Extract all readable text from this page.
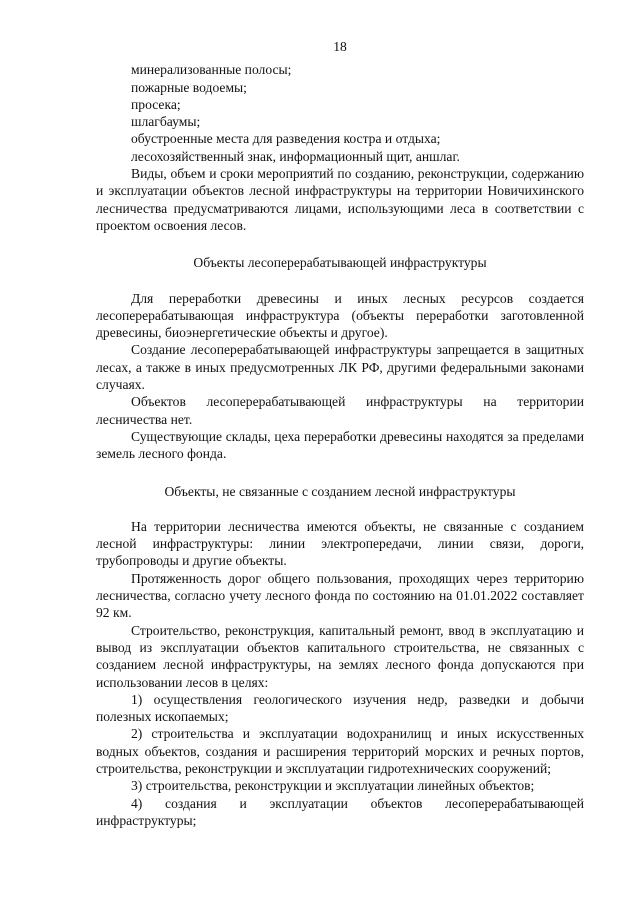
18

минерализованные полосы;

пожарные водоемы;

просека;

шлагбаумы;

обустроенные места для разведения костра и отдыха;

лесохозяйственный знак, информационный щит, аншлаг.

Виды, объем и сроки мероприятий по созданию, реконструкции, содержанию и эксплуатации объектов лесной инфраструктуры на территории Новичихинского лесничества предусматриваются лицами, использующими леса в соответствии с проектом освоения лесов.

Объекты лесоперерабатывающей инфраструктуры

Для переработки древесины и иных лесных ресурсов создается лесоперерабатывающая инфраструктура (объекты переработки заготовленной древесины, биоэнергетические объекты и другое).

Создание лесоперерабатывающей инфраструктуры запрещается в защитных лесах, а также в иных предусмотренных ЛК РФ, другими федеральными законами случаях.

Объектов лесоперерабатывающей инфраструктуры на территории лесничества нет.

Существующие склады, цеха переработки древесины находятся за пределами земель лесного фонда.

Объекты, не связанные с созданием лесной инфраструктуры

На территории лесничества имеются объекты, не связанные с созданием лесной инфраструктуры: линии электропередачи, линии связи, дороги, трубопроводы и другие объекты.

Протяженность дорог общего пользования, проходящих через территорию лесничества, согласно учету лесного фонда по состоянию на 01.01.2022 составляет 92 км.

Строительство, реконструкция, капитальный ремонт, ввод в эксплуатацию и вывод из эксплуатации объектов капитального строительства, не связанных с созданием лесной инфраструктуры, на землях лесного фонда допускаются при использовании лесов в целях:

1) осуществления геологического изучения недр, разведки и добычи полезных ископаемых;

2) строительства и эксплуатации водохранилищ и иных искусственных водных объектов, создания и расширения территорий морских и речных портов, строительства, реконструкции и эксплуатации гидротехнических сооружений;

3) строительства, реконструкции и эксплуатации линейных объектов;

4) создания и эксплуатации объектов лесоперерабатывающей инфраструктуры;
